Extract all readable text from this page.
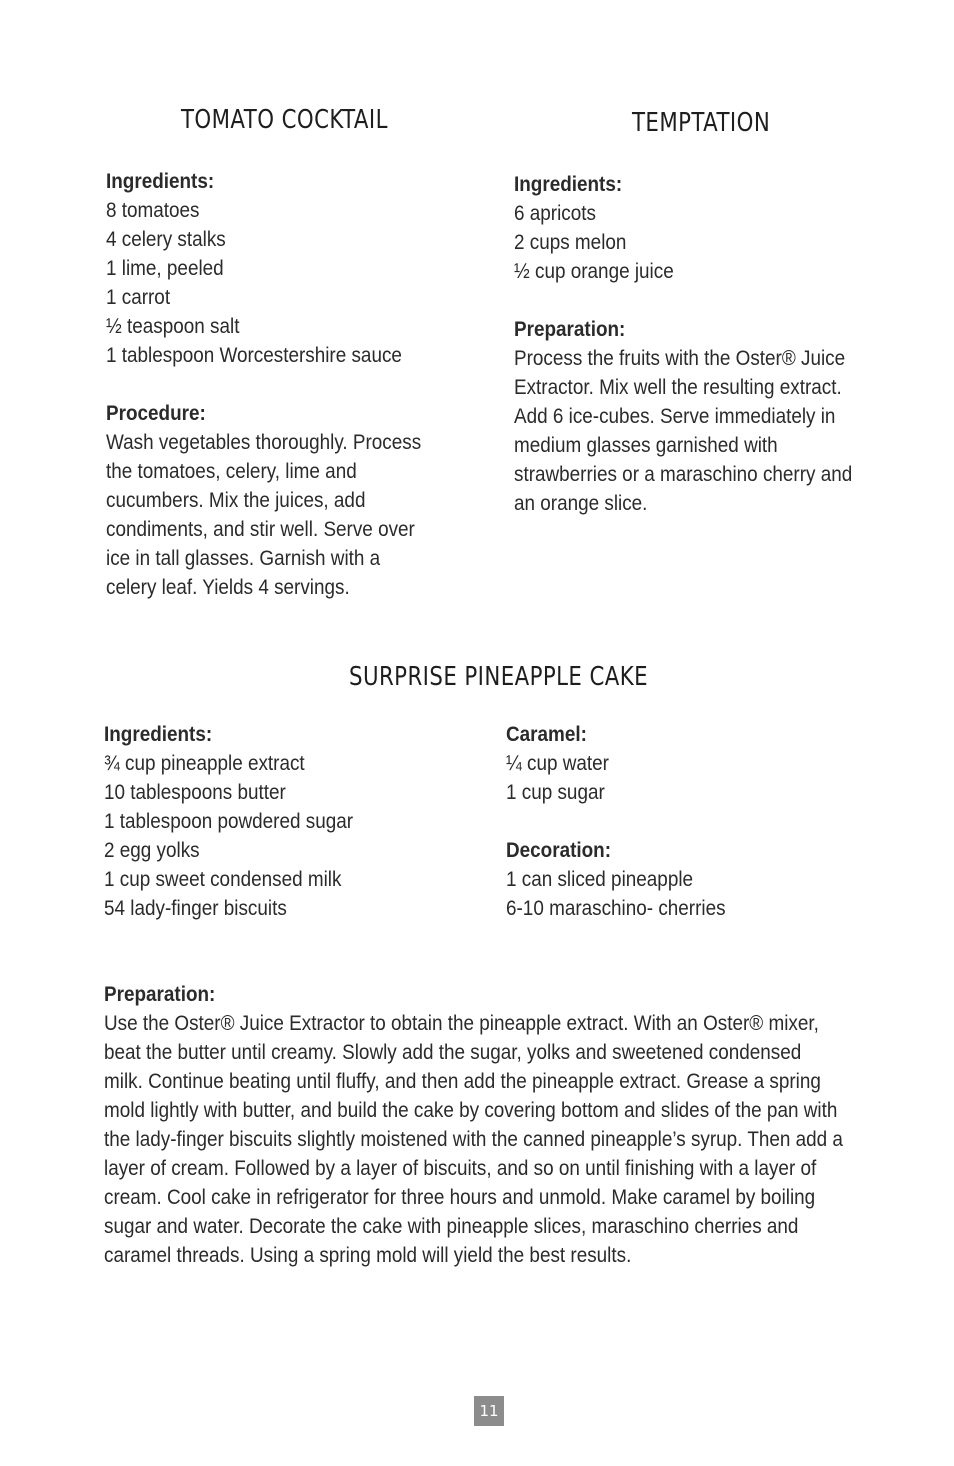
TOMATO COCKTAIL
Ingredients:
8 tomatoes
4 celery stalks
1 lime, peeled
1 carrot
½ teaspoon salt
1 tablespoon Worcestershire sauce
Procedure:
Wash vegetables thoroughly. Process
the tomatoes, celery, lime and
cucumbers. Mix the juices, add
condiments, and stir well. Serve over
ice in tall glasses. Garnish with a
celery leaf. Yields 4 servings.
TEMPTATION
Ingredients:
6 apricots
2 cups melon
½ cup orange juice
Preparation:
Process the fruits with the Oster® Juice
Extractor. Mix well the resulting extract.
Add 6 ice-cubes. Serve immediately in
medium glasses garnished with
strawberries or a maraschino cherry and
an orange slice.
SURPRISE PINEAPPLE CAKE
Ingredients:
¾ cup pineapple extract
10 tablespoons butter
1 tablespoon powdered sugar
2 egg yolks
1 cup sweet condensed milk
54 lady-finger biscuits
Caramel:
¼ cup water
1 cup sugar
Decoration:
1 can sliced pineapple
6-10 maraschino- cherries
Preparation:
Use the Oster® Juice Extractor to obtain the pineapple extract. With an Oster® mixer,
beat the butter until creamy. Slowly add the sugar, yolks and sweetened condensed
milk. Continue beating until fluffy, and then add the pineapple extract. Grease a spring
mold lightly with butter, and build the cake by covering bottom and slides of the pan with
the lady-finger biscuits slightly moistened with the canned pineapple’s syrup. Then add a
layer of cream. Followed by a layer of biscuits, and so on until finishing with a layer of
cream. Cool cake in refrigerator for three hours and unmold. Make caramel by boiling
sugar and water. Decorate the cake with pineapple slices, maraschino cherries and
caramel threads. Using a spring mold will yield the best results.
11
